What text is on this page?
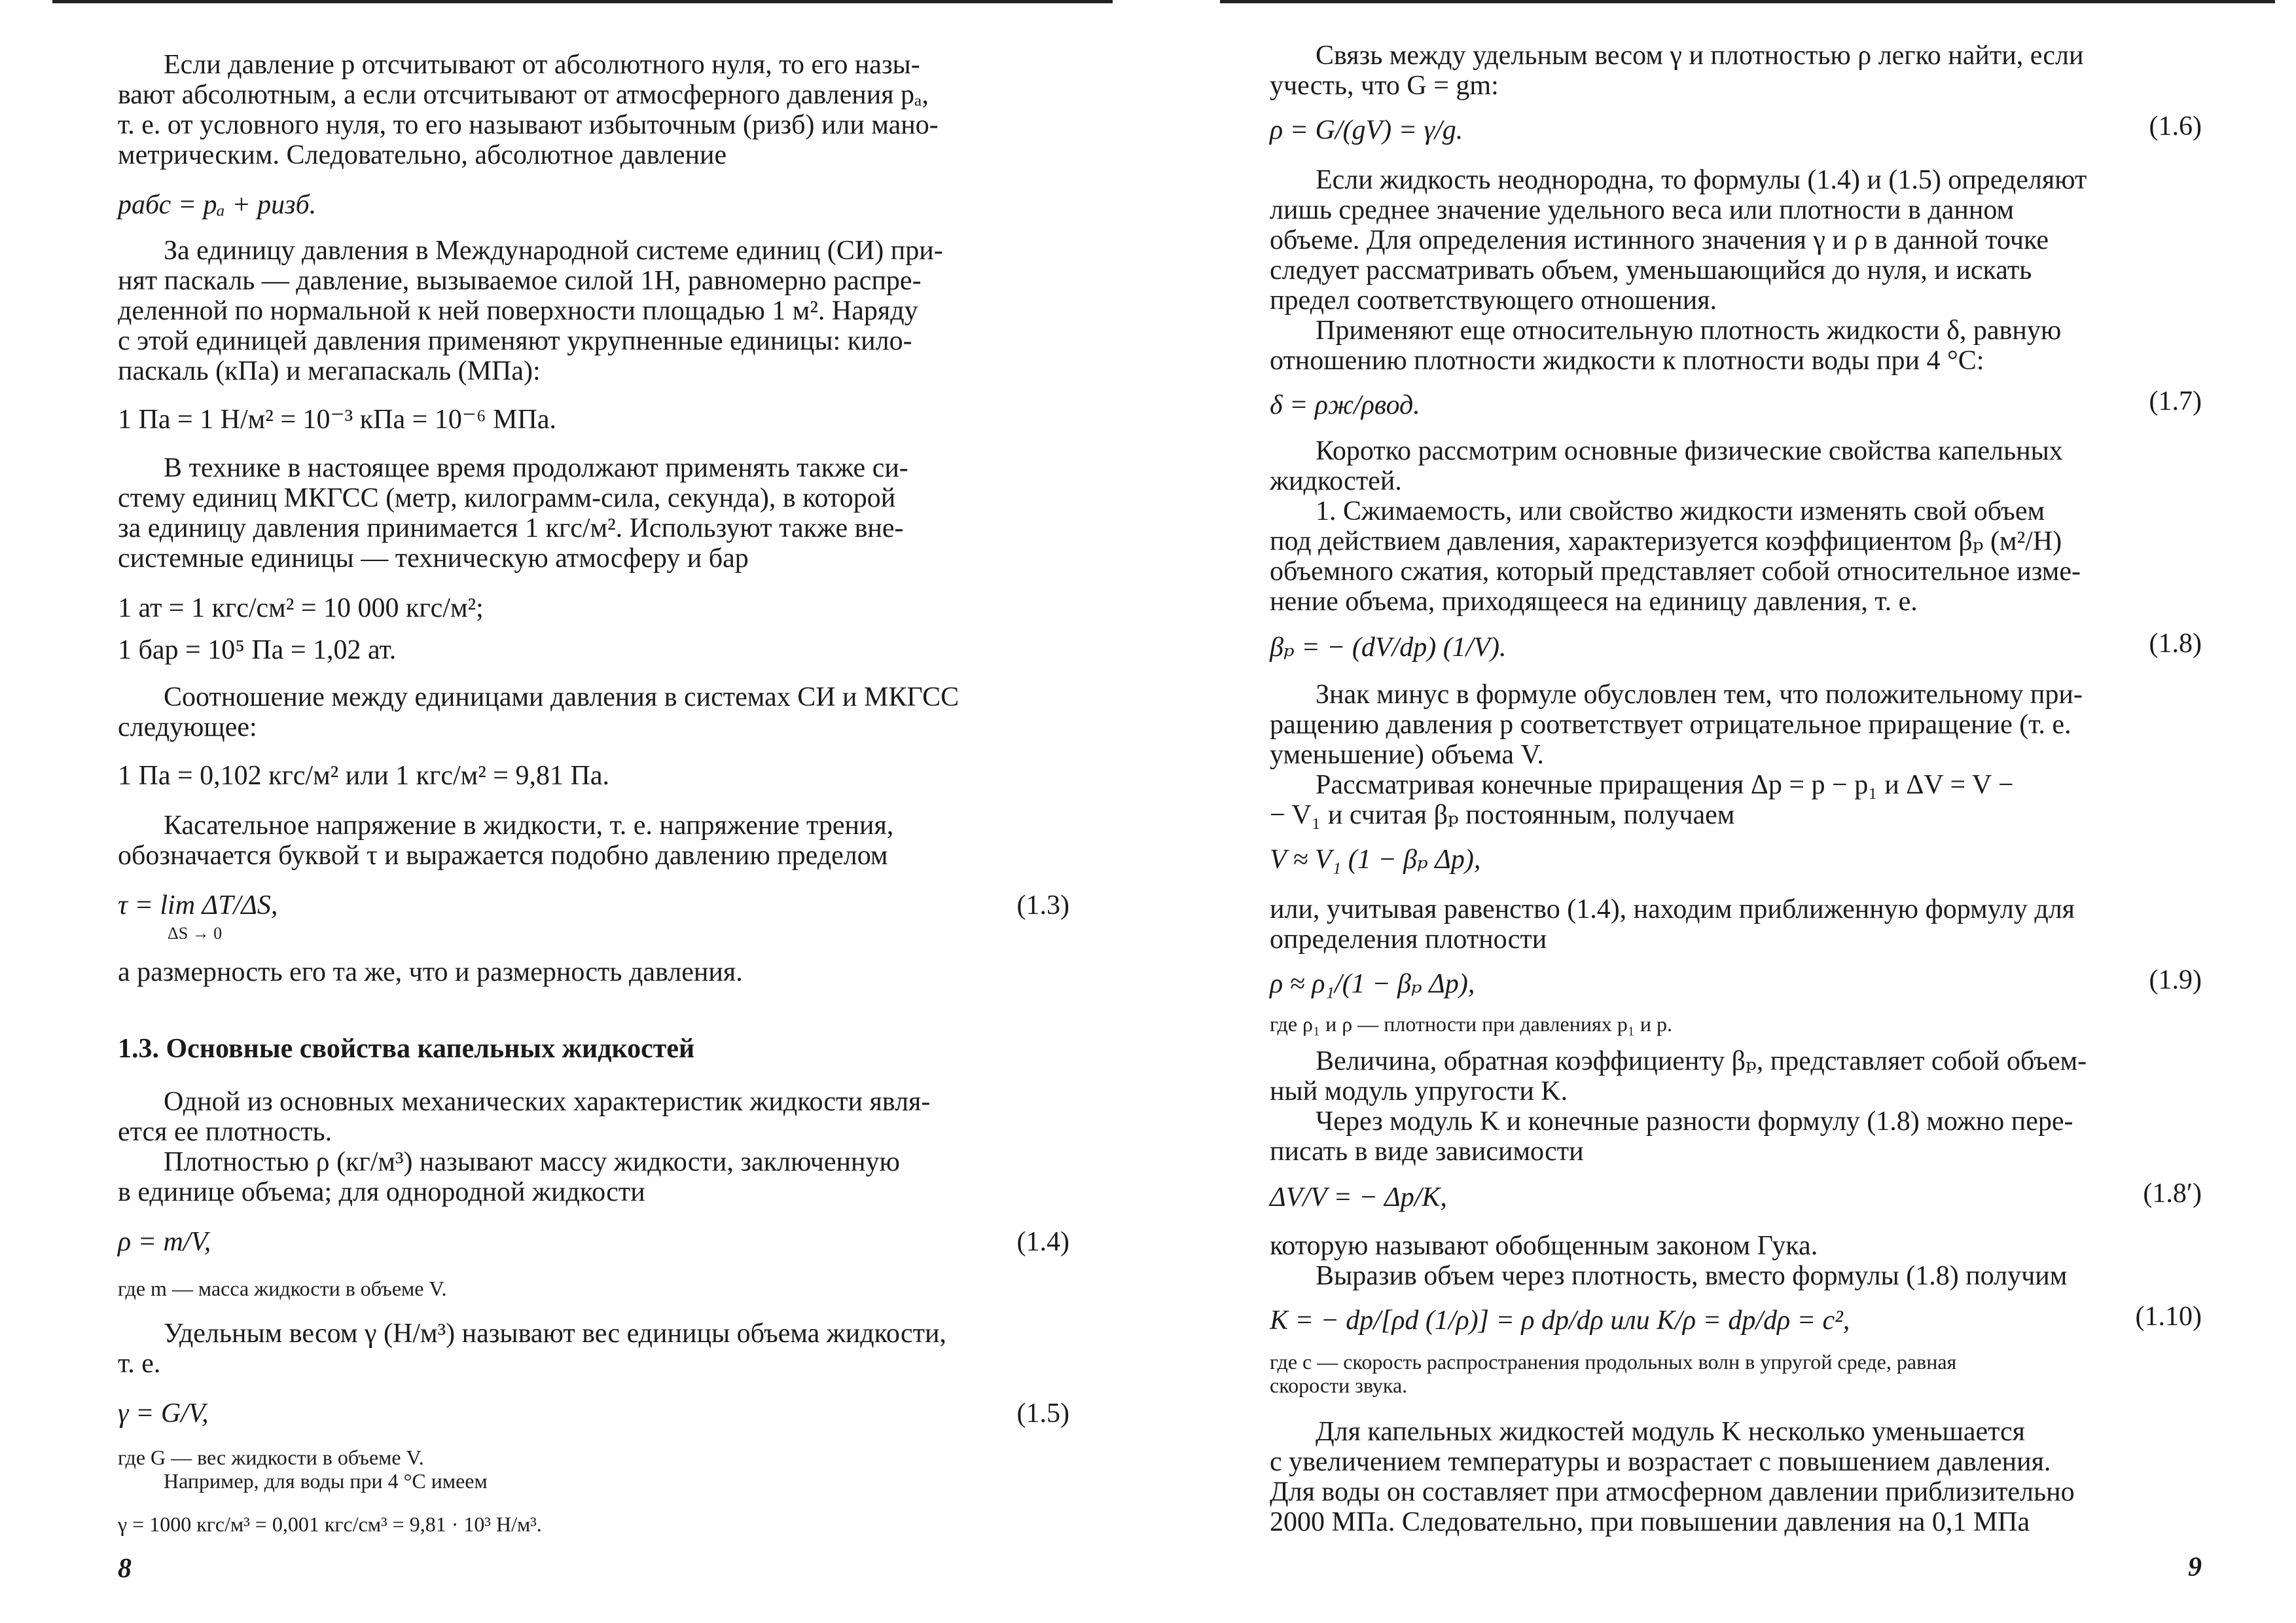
Если давление p отсчитывают от абсолютного нуля, то его назы-
вают абсолютным, а если отсчитывают от атмосферного давления pₐ,
т. е. от условного нуля, то его называют избыточным (pизб) или мано-
метрическим. Следовательно, абсолютное давление
pабс = pₐ + pизб.
За единицу давления в Международной системе единиц (СИ) при-
нят паскаль — давление, вызываемое силой 1Н, равномерно распре-
деленной по нормальной к ней поверхности площадью 1 м². Наряду
с этой единицей давления применяют укрупненные единицы: кило-
паскаль (кПа) и мегапаскаль (МПа):
1 Па = 1 Н/м² = 10⁻³ кПа = 10⁻⁶ МПа.
В технике в настоящее время продолжают применять также си-
стему единиц МКГСС (метр, килограмм-сила, секунда), в которой
за единицу давления принимается 1 кгс/м². Используют также вне-
системные единицы — техническую атмосферу и бар
1 ат = 1 кгс/см² = 10 000 кгс/м²;
1 бар = 10⁵ Па = 1,02 ат.
Соотношение между единицами давления в системах СИ и МКГСС
следующее:
1 Па = 0,102 кгс/м² или 1 кгс/м² = 9,81 Па.
Касательное напряжение в жидкости, т. е. напряжение трения,
обозначается буквой τ и выражается подобно давлению пределом
τ = lim ΔT/ΔS,
ΔS → 0
(1.3)
а размерность его та же, что и размерность давления.
1.3. Основные свойства капельных жидкостей
Одной из основных механических характеристик жидкости явля-
ется ее плотность.
Плотностью ρ (кг/м³) называют массу жидкости, заключенную
в единице объема; для однородной жидкости
ρ = m/V,	(1.4)
где m — масса жидкости в объеме V.
Удельным весом γ (Н/м³) называют вес единицы объема жидкости,
т. е.
γ = G/V,	(1.5)
где G — вес жидкости в объеме V.
Например, для воды при 4 °C имеем
γ = 1000 кгс/м³ = 0,001 кгс/см³ = 9,81 · 10³ Н/м³.
8
Связь между удельным весом γ и плотностью ρ легко найти, если
учесть, что G = gm:
ρ = G/(gV) = γ/g.	(1.6)
Если жидкость неоднородна, то формулы (1.4) и (1.5) определяют
лишь среднее значение удельного веса или плотности в данном
объеме. Для определения истинного значения γ и ρ в данной точке
следует рассматривать объем, уменьшающийся до нуля, и искать
предел соответствующего отношения.
Применяют еще относительную плотность жидкости δ, равную
отношению плотности жидкости к плотности воды при 4 °C:
δ = ρж/ρвод.	(1.7)
Коротко рассмотрим основные физические свойства капельных
жидкостей.
1. Сжимаемость, или свойство жидкости изменять свой объем
под действием давления, характеризуется коэффициентом βₚ (м²/Н)
объемного сжатия, который представляет собой относительное изме-
нение объема, приходящееся на единицу давления, т. е.
βₚ = − (dV/dp) (1/V).	(1.8)
Знак минус в формуле обусловлен тем, что положительному при-
ращению давления p соответствует отрицательное приращение (т. е.
уменьшение) объема V.
Рассматривая конечные приращения Δp = p − p₁ и ΔV = V −
− V₁ и считая βₚ постоянным, получаем
V ≈ V₁ (1 − βₚ Δp),
или, учитывая равенство (1.4), находим приближенную формулу для
определения плотности
ρ ≈ ρ₁/(1 − βₚ Δp),	(1.9)
где ρ₁ и ρ — плотности при давлениях p₁ и p.
Величина, обратная коэффициенту βₚ, представляет собой объем-
ный модуль упругости K.
Через модуль K и конечные разности формулу (1.8) можно пере-
писать в виде зависимости
ΔV/V = − Δp/K,	(1.8′)
которую называют обобщенным законом Гука.
Выразив объем через плотность, вместо формулы (1.8) получим
K = − dp/[ρd (1/ρ)] = ρ dp/dρ или K/ρ = dp/dρ = c²,	(1.10)
где c — скорость распространения продольных волн в упругой среде, равная
скорости звука.
Для капельных жидкостей модуль K несколько уменьшается
с увеличением температуры и возрастает с повышением давления.
Для воды он составляет при атмосферном давлении приблизительно
2000 МПа. Следовательно, при повышении давления на 0,1 МПа
9
